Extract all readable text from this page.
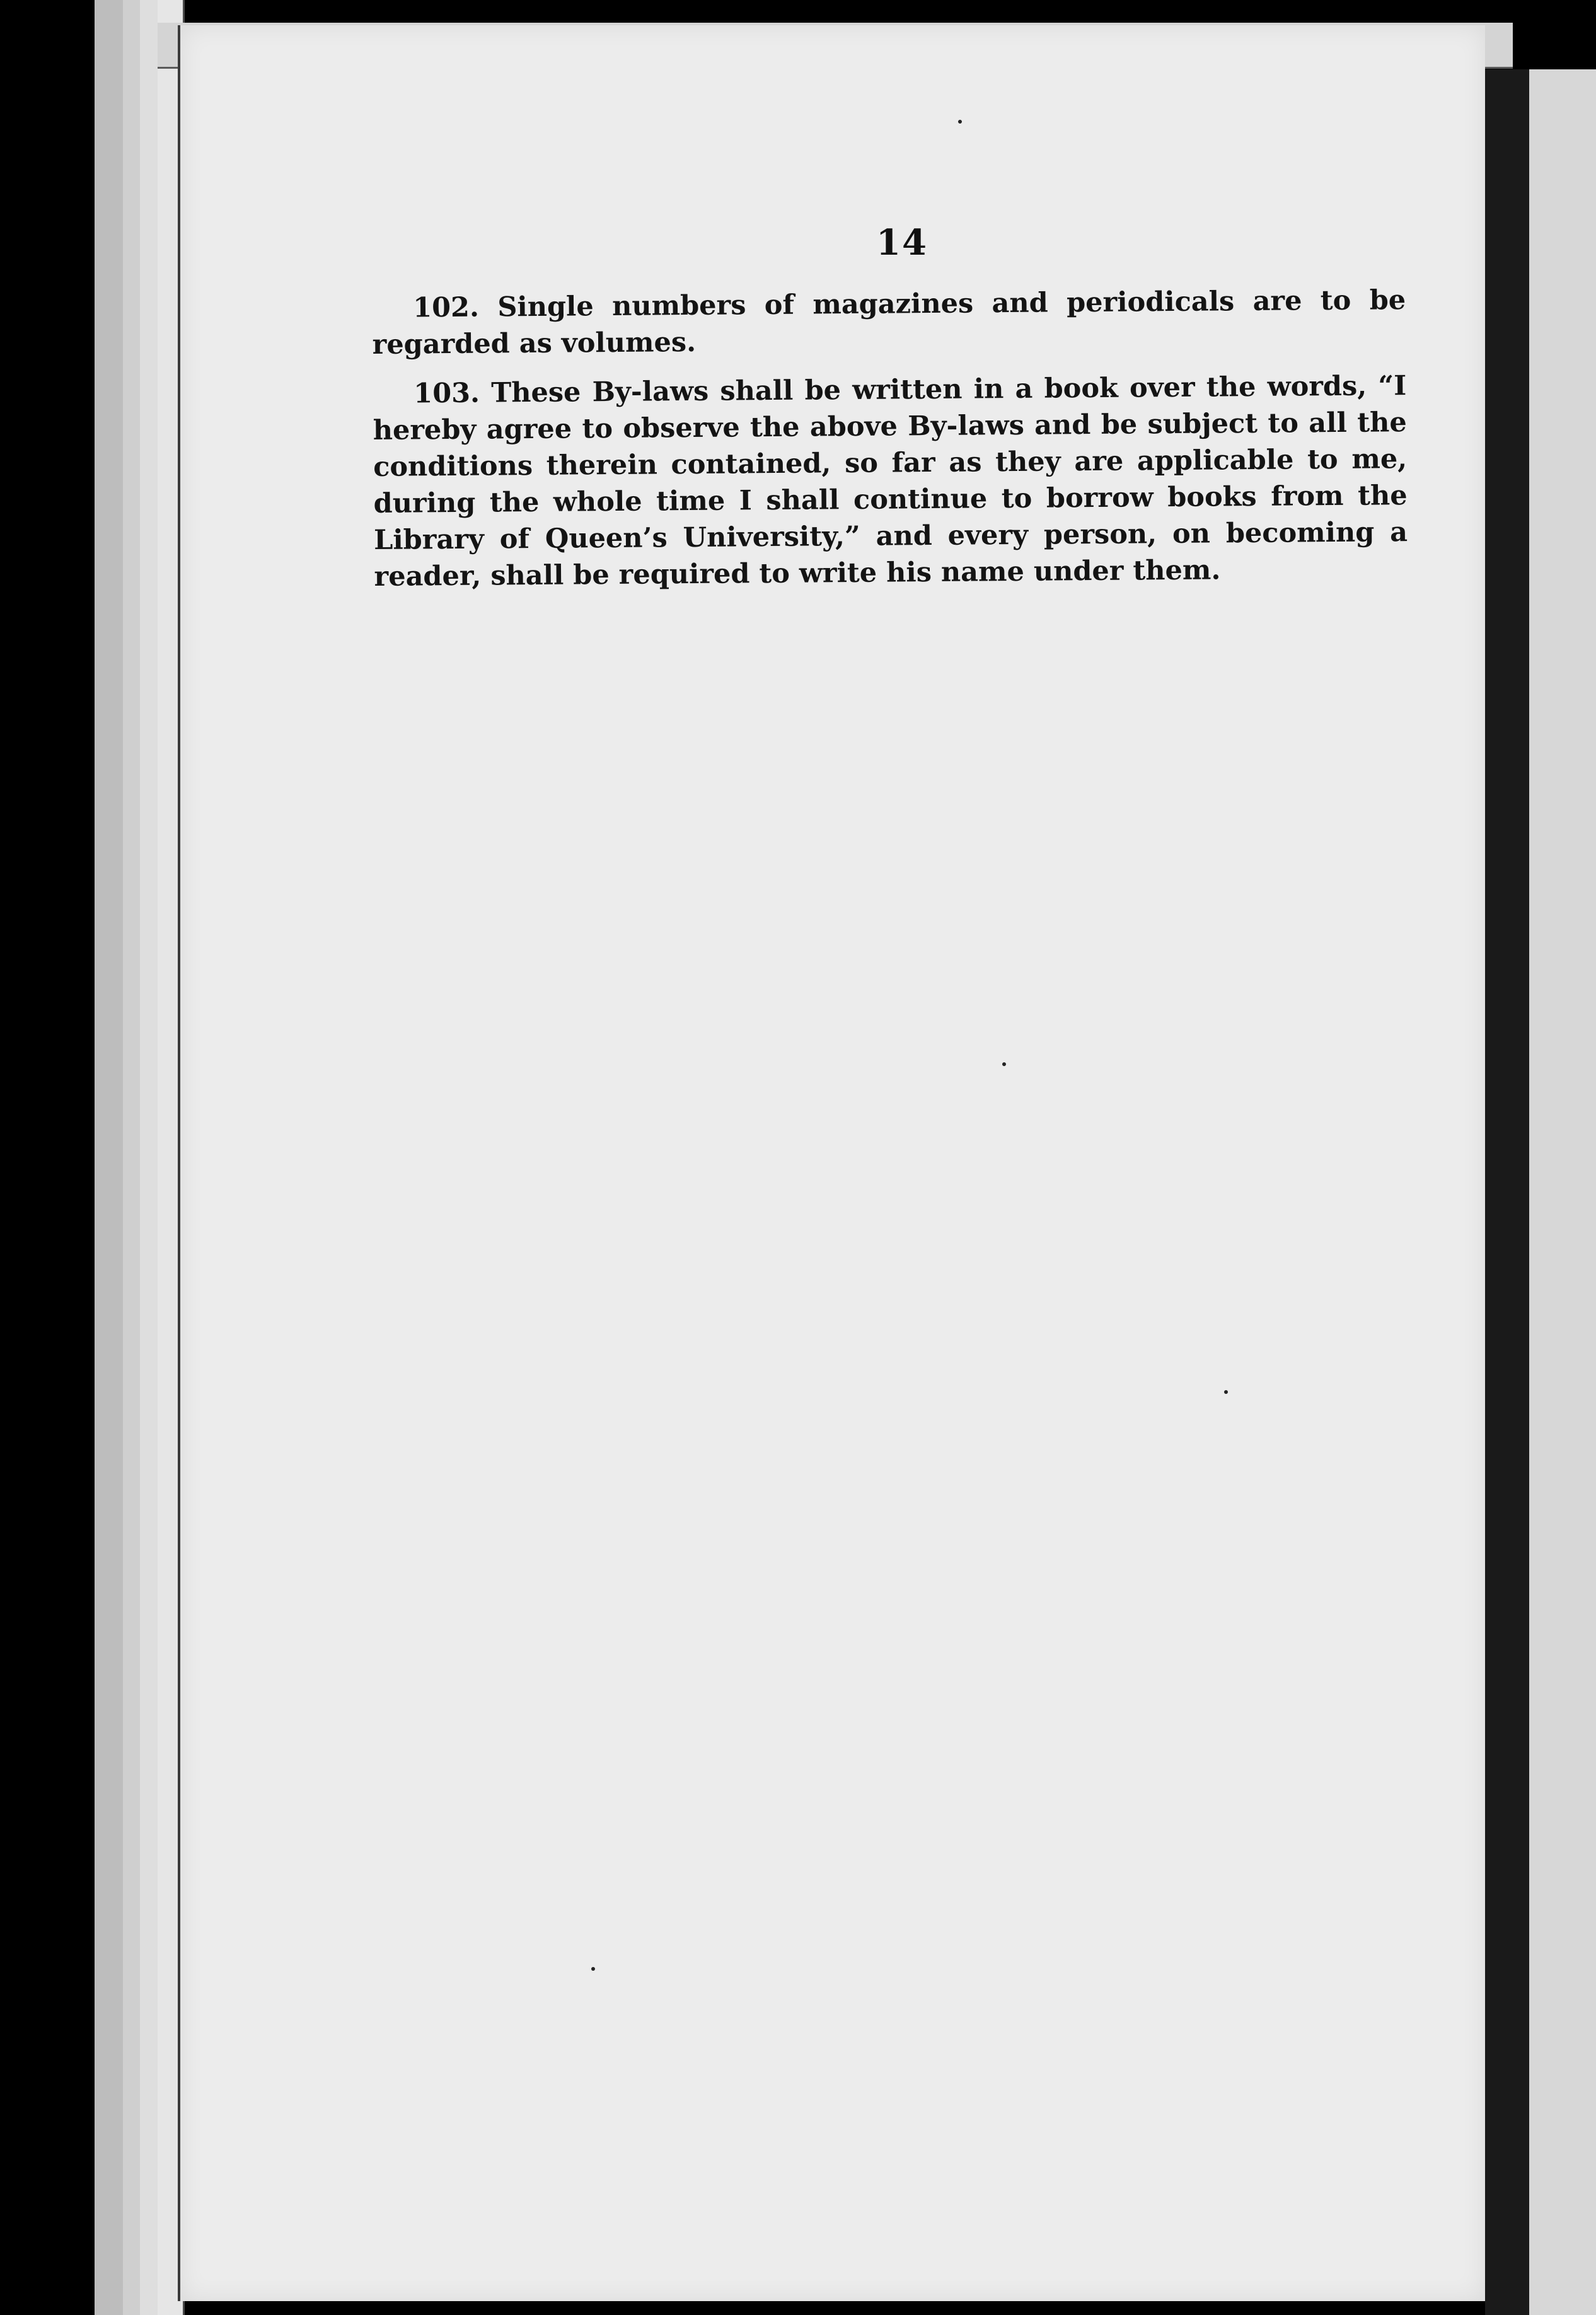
14

102. Single numbers of magazines and periodicals are to be regarded as volumes.

103. These By-laws shall be written in a book over the words, “I hereby agree to observe the above By-laws and be subject to all the conditions therein contained, so far as they are applicable to me, during the whole time I shall continue to borrow books from the Library of Queen’s University,” and every person, on becoming a reader, shall be required to write his name under them.
